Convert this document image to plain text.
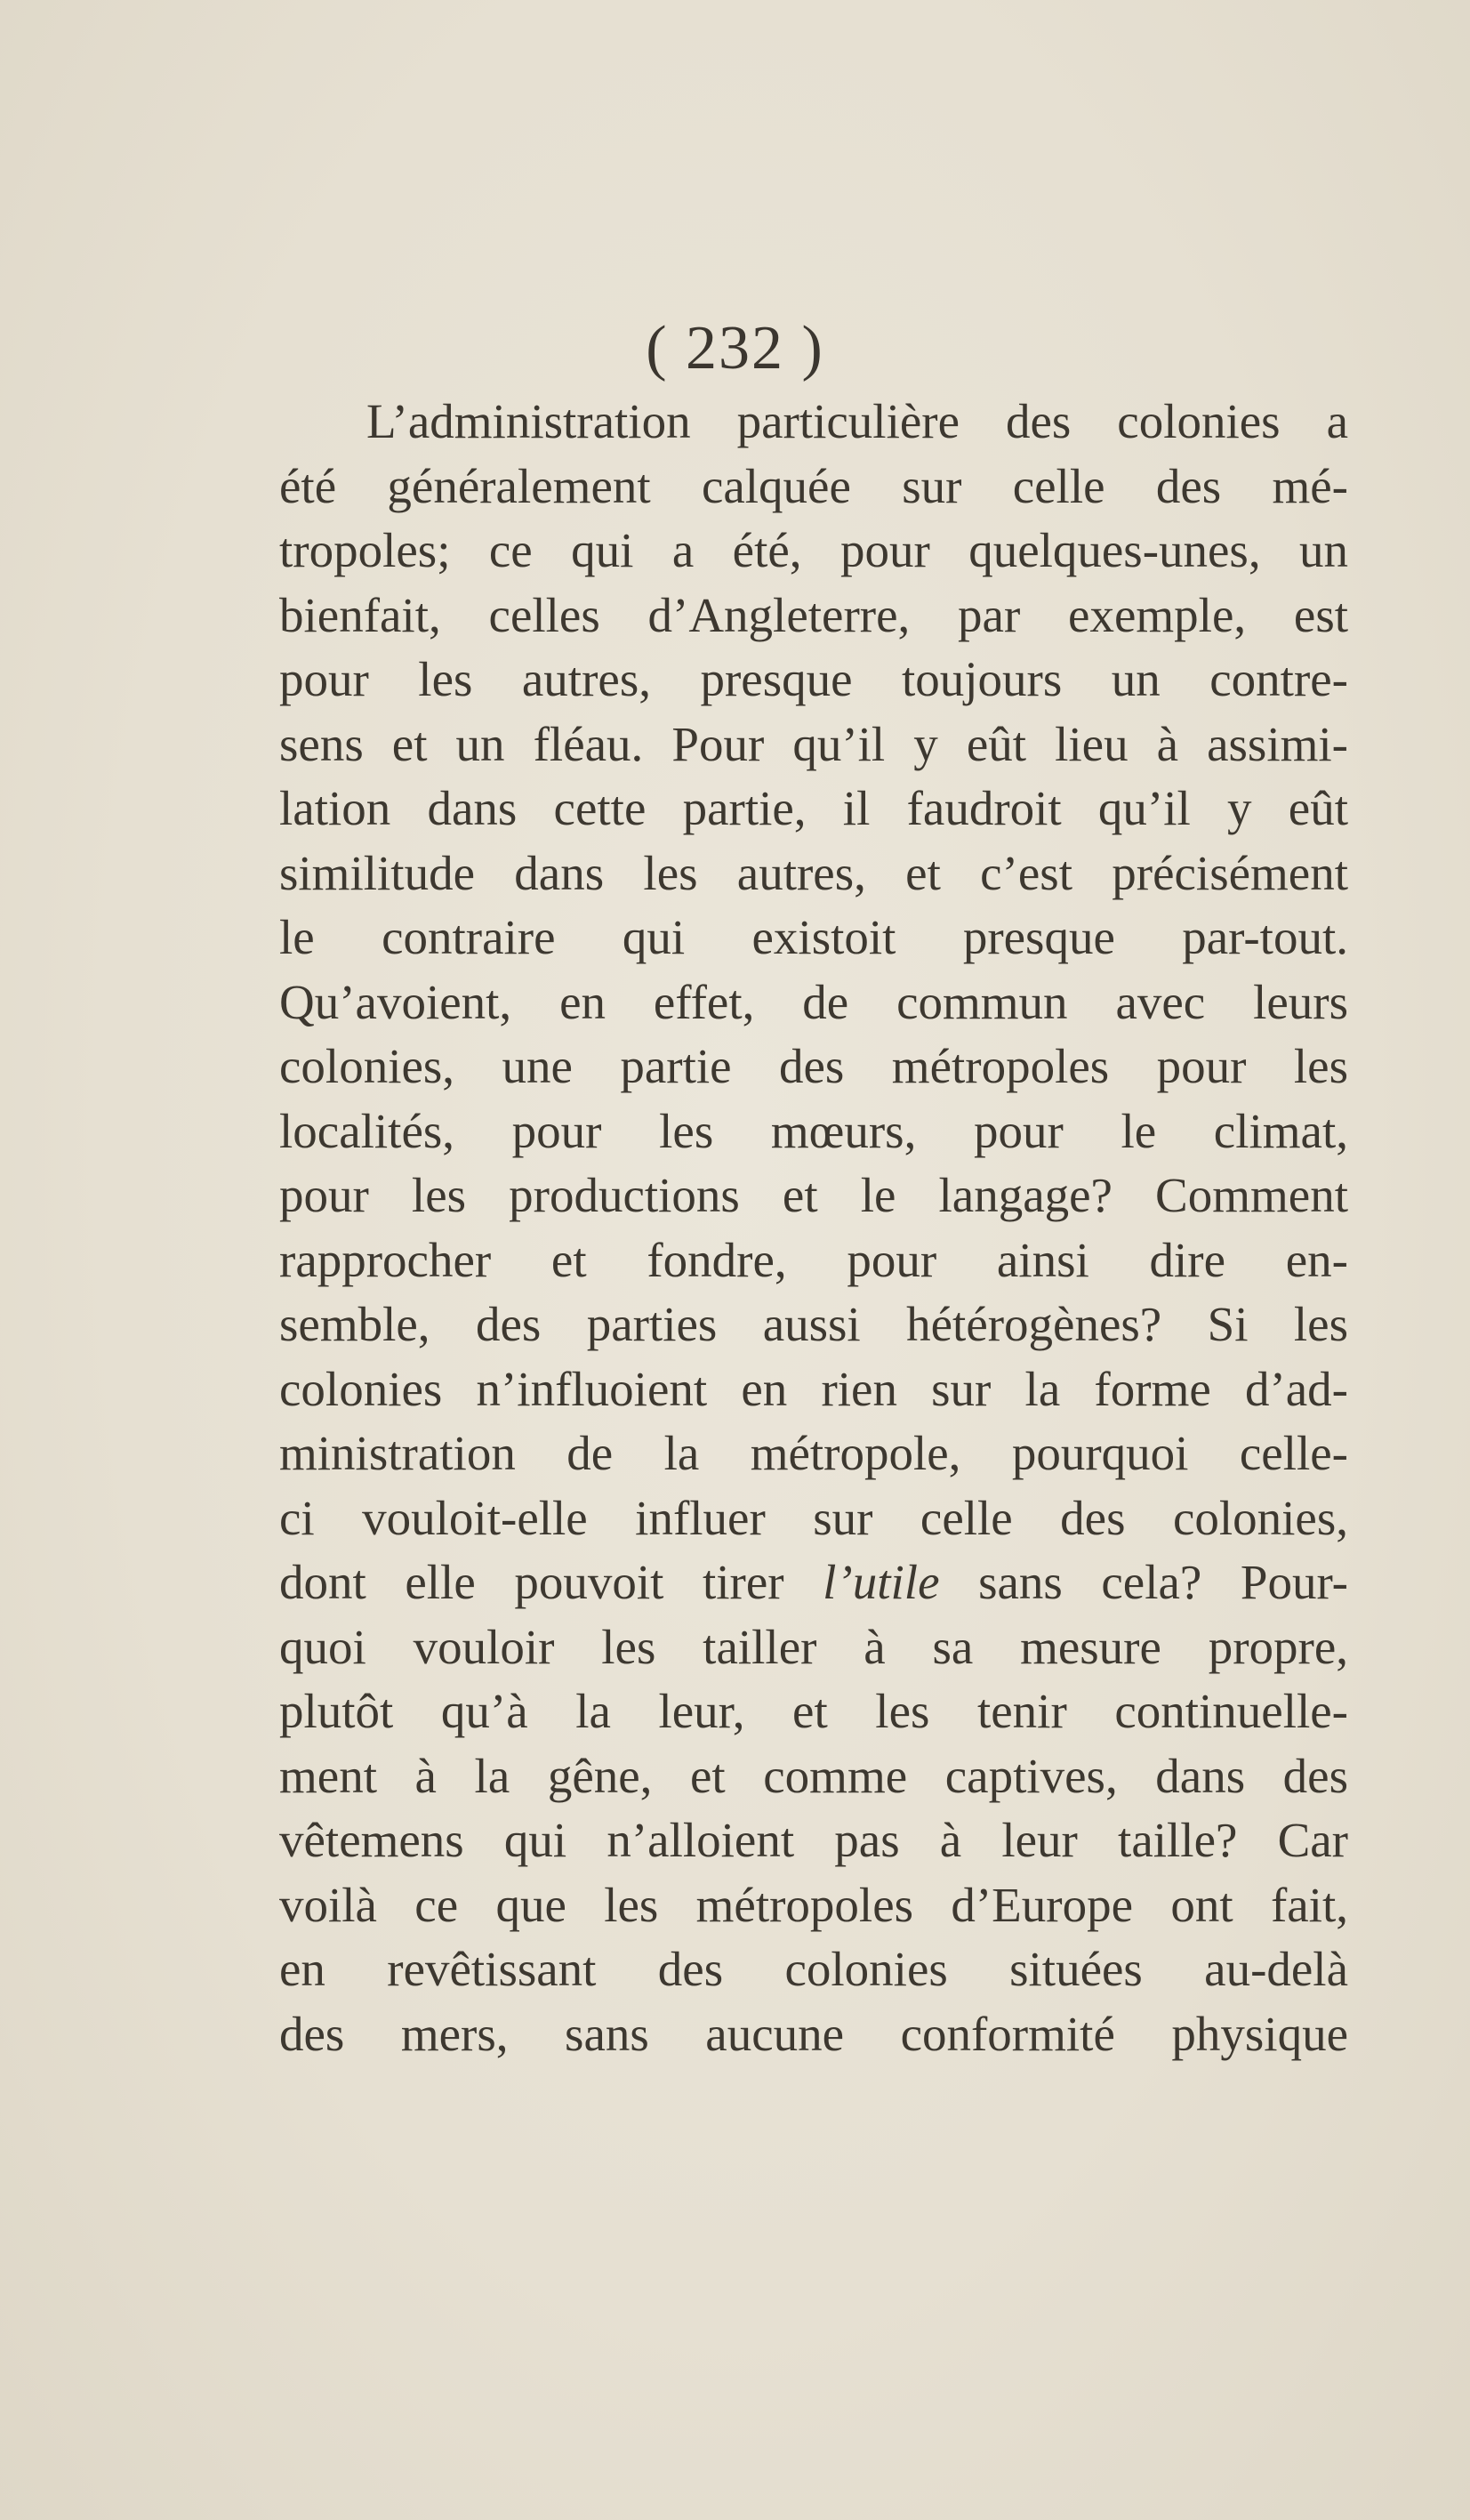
( 232 )
L’administration particulière des colonies a
été généralement calquée sur celle des mé-
tropoles; ce qui a été, pour quelques-unes, un
bienfait, celles d’Angleterre, par exemple, est
pour les autres, presque toujours un contre-
sens et un fléau. Pour qu’il y eût lieu à assimi-
lation dans cette partie, il faudroit qu’il y eût
similitude dans les autres, et c’est précisément
le contraire qui existoit presque par-tout.
Qu’avoient, en effet, de commun avec leurs
colonies, une partie des métropoles pour les
localités, pour les mœurs, pour le climat,
pour les productions et le langage? Comment
rapprocher et fondre, pour ainsi dire en-
semble, des parties aussi hétérogènes? Si les
colonies n’influoient en rien sur la forme d’ad-
ministration de la métropole, pourquoi celle-
ci vouloit-elle influer sur celle des colonies,
dont elle pouvoit tirer l’utile sans cela? Pour-
quoi vouloir les tailler à sa mesure propre,
plutôt qu’à la leur, et les tenir continuelle-
ment à la gêne, et comme captives, dans des
vêtemens qui n’alloient pas à leur taille? Car
voilà ce que les métropoles d’Europe ont fait,
en revêtissant des colonies situées au-delà
des mers, sans aucune conformité physique
